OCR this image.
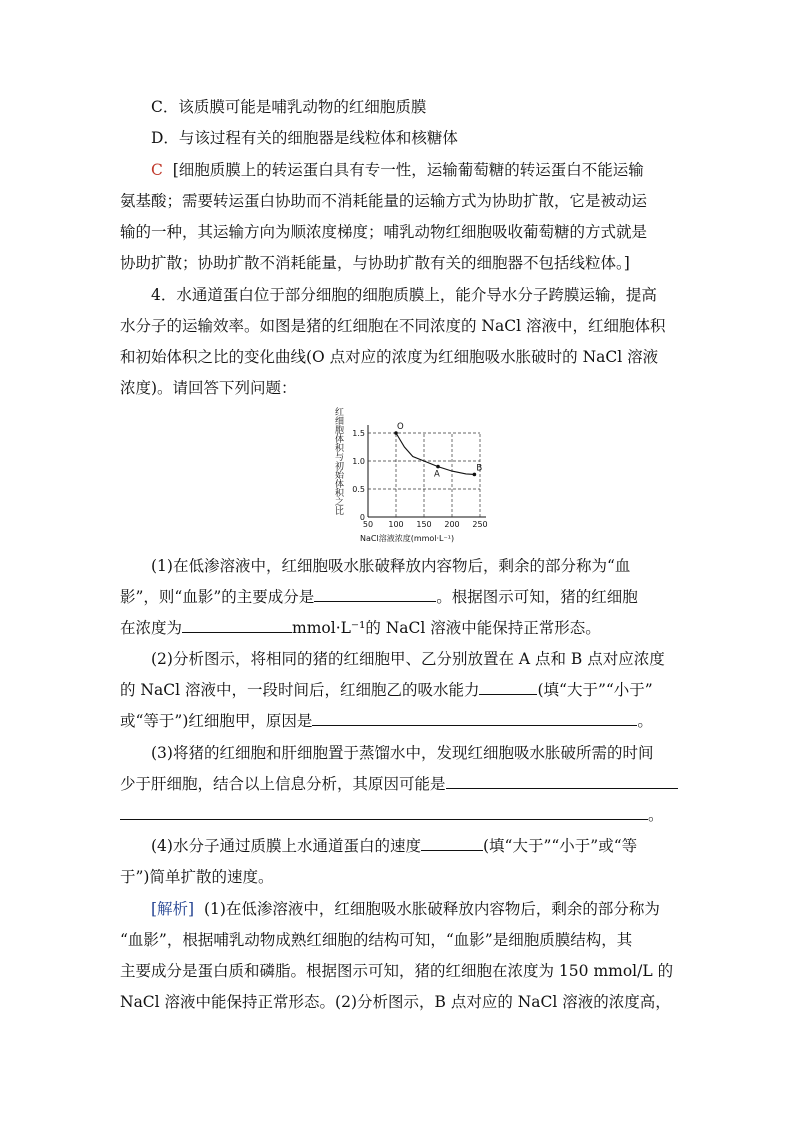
C．该质膜可能是哺乳动物的红细胞质膜
D．与该过程有关的细胞器是线粒体和核糖体
C [细胞质膜上的转运蛋白具有专一性，运输葡萄糖的转运蛋白不能运输
氨基酸；需要转运蛋白协助而不消耗能量的运输方式为协助扩散，它是被动运
输的一种，其运输方向为顺浓度梯度；哺乳动物红细胞吸收葡萄糖的方式就是
协助扩散；协助扩散不消耗能量，与协助扩散有关的细胞器不包括线粒体。]
4．水通道蛋白位于部分细胞的细胞质膜上，能介导水分子跨膜运输，提高
水分子的运输效率。如图是猪的红细胞在不同浓度的 NaCl 溶液中，红细胞体积
和初始体积之比的变化曲线(O 点对应的浓度为红细胞吸水胀破时的 NaCl 溶液
浓度)。请回答下列问题：
红细胞体积与初始体积之比
0
0.5
1.0
1.5
50 100 150 200 250
O
A
B
NaCl溶液浓度(mmol·L⁻¹)
(1)在低渗溶液中，红细胞吸水胀破释放内容物后，剩余的部分称为“血
影”，则“血影”的主要成分是	。根据图示可知，猪的红细胞
在浓度为	mmol·L⁻¹的 NaCl 溶液中能保持正常形态。
(2)分析图示，将相同的猪的红细胞甲、乙分别放置在 A 点和 B 点对应浓度
的 NaCl 溶液中，一段时间后，红细胞乙的吸水能力	(填“大于”“小于”
或“等于”)红细胞甲，原因是	。
(3)将猪的红细胞和肝细胞置于蒸馏水中，发现红细胞吸水胀破所需的时间
少于肝细胞，结合以上信息分析，其原因可能是
。
(4)水分子通过质膜上水通道蛋白的速度	(填“大于”“小于”或“等
于”)简单扩散的速度。
[解析] (1)在低渗溶液中，红细胞吸水胀破释放内容物后，剩余的部分称为
“血影”，根据哺乳动物成熟红细胞的结构可知，“血影”是细胞质膜结构，其
主要成分是蛋白质和磷脂。根据图示可知，猪的红细胞在浓度为 150 mmol/L 的
NaCl 溶液中能保持正常形态。(2)分析图示，B 点对应的 NaCl 溶液的浓度高，
